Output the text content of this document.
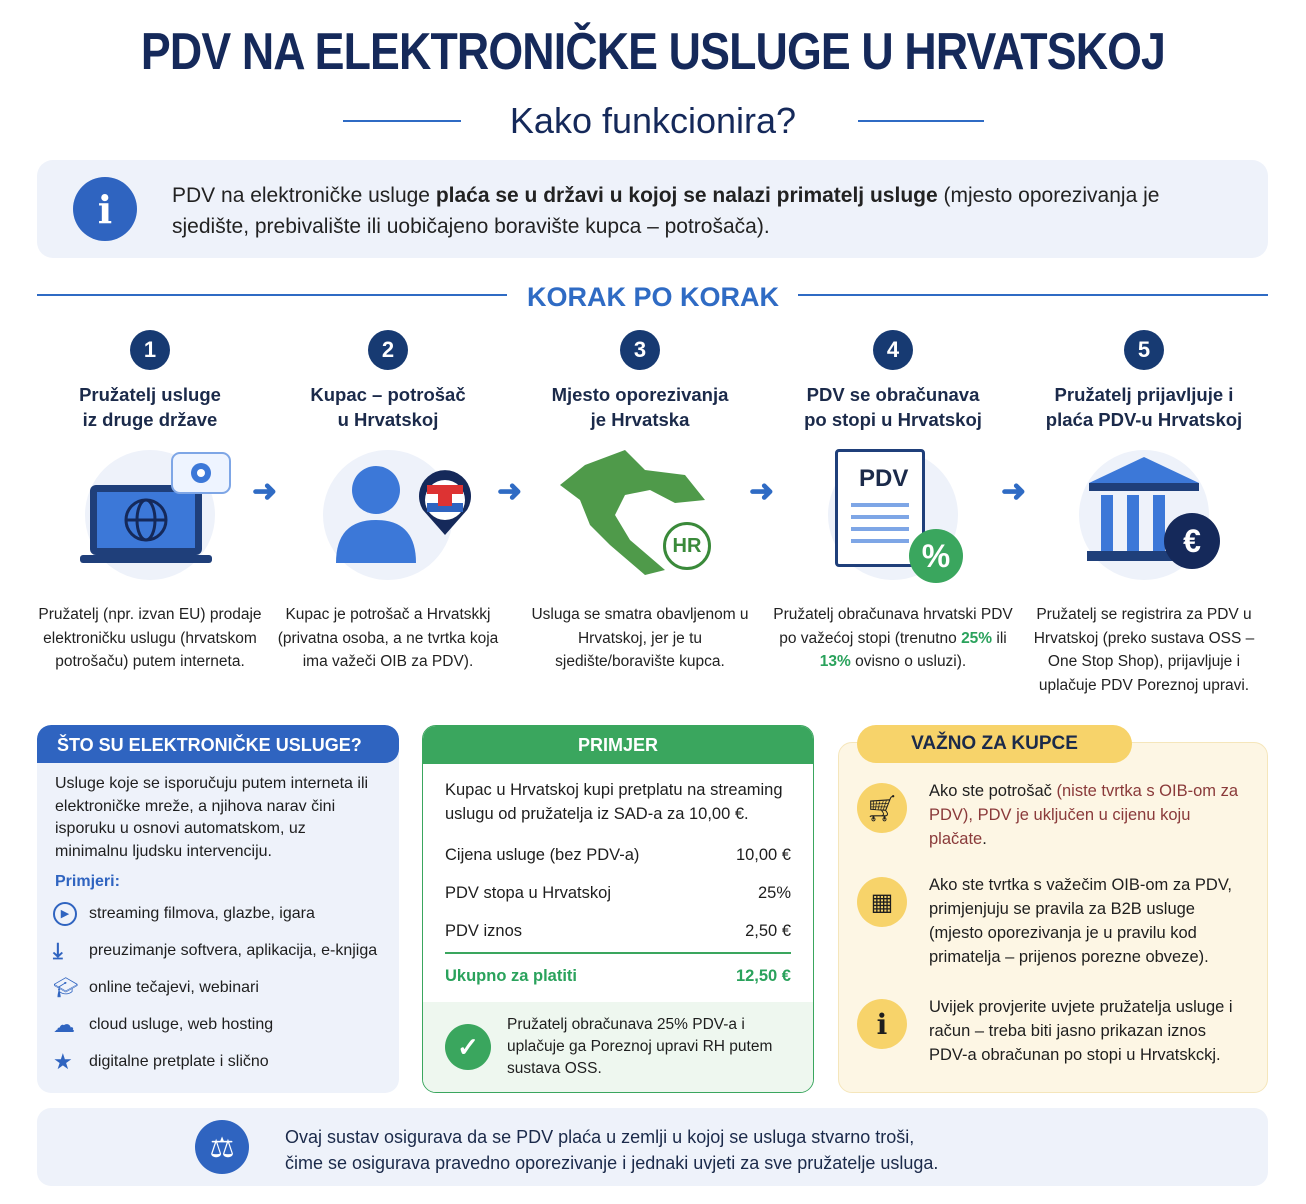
PDV NA ELEKTRONIČKE USLUGE U HRVATSKOJ
Kako funkcionira?
i	PDV na elektroničke usluge plaća se u državi u kojoj se nalazi primatelj usluge (mjesto oporezivanja je sjedište, prebivalište ili uobičajeno boravište kupca – potrošača).
KORAK PO KORAK
1
Pružatelj usluge
iz druge države
Pružatelj (npr. izvan EU) prodaje elektroničku uslugu (hrvatskom potrošaču) putem interneta.
➜
2
Kupac – potrošač
u Hrvatskoj
Kupac je potrošač a Hrvatskkj (privatna osoba, a ne tvrtka koja ima važeči OIB za PDV).
➜
3
Mjesto oporezivanja
je Hrvatska
HR
Usluga se smatra obavljenom u Hrvatskoj, jer je tu sjedište/boravište kupca.
➜
4
PDV se obračunava
po stopi u Hrvatskoj
PDV
%
Pružatelj obračunava hrvatski PDV po važećoj stopi (trenutno 25% ili 13% ovisno o usluzi).
➜
5
Pružatelj prijavljuje i
plaća PDV-u Hrvatskoj
€
Pružatelj se registrira za PDV u Hrvatskoj (preko sustava OSS – One Stop Shop), prijavljuje i uplačuje PDV Poreznoj upravi.
ŠTO SU ELEKTRONIČKE USLUGE?
Usluge koje se isporučuju putem interneta ili elektroničke mreže, a njihova narav čini isporuku u osnovi automatskom, uz minimalnu ljudsku intervenciju.
Primjeri:
▶	streaming filmova, glazbe, igara
⤓	preuzimanje softvera, aplikacija, e-knjiga
🎓︎ online tečajevi, webinari
☁ cloud usluge, web hosting
★ digitalne pretplate i slično
PRIMJER
Kupac u Hrvatskoj kupi pretplatu na streaming uslugu od pružatelja iz SAD-a za 10,00 €.
Cijena usluge (bez PDV-a)	10,00 €
PDV stopa u Hrvatskoj	25%
PDV iznos	2,50 €
Ukupno za platiti	12,50 €
✓
Pružatelj obračunava 25% PDV-a i uplačuje ga Poreznoj upravi RH putem sustava OSS.
🛒︎
Ako ste potrošač (niste tvrtka s OIB-om za PDV), PDV je uključen u cijenu koju plačate.
▦
Ako ste tvrtka s važečim OIB-om za PDV, primjenjuju se pravila za B2B usluge (mjesto oporezivanja je u pravilu kod primatelja – prijenos porezne obveze).
i
Uvijek provjerite uvjete pružatelja usluge i račun – treba biti jasno prikazan iznos PDV-a obračunan po stopi u Hrvatskckj.
VAŽNO ZA KUPCE
⚖	Ovaj sustav osigurava da se PDV plaća u zemlji u kojoj se usluga stvarno troši,
čime se osigurava pravedno oporezivanje i jednaki uvjeti za sve pružatelje usluga.
